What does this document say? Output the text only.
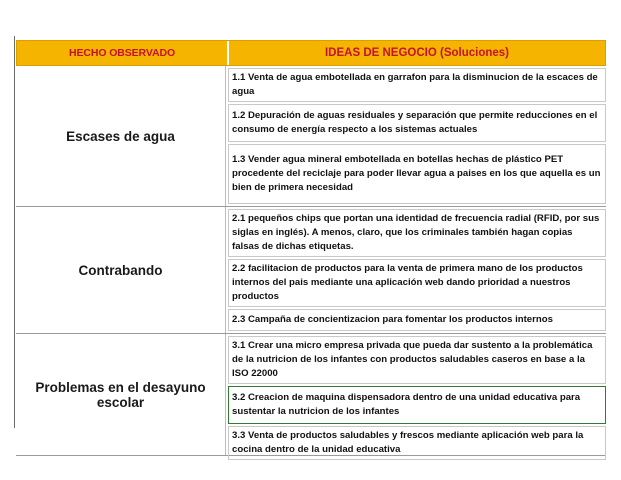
HECHO OBSERVADO	IDEAS DE NEGOCIO (Soluciones)
Escases de agua
1.1 Venta de agua embotellada en garrafon para la disminucion de la escaces de agua
1.2 Depuración de aguas residuales y separación que permite reducciones en el consumo de energía respecto a los sistemas actuales
1.3 Vender agua mineral embotellada en botellas hechas de plástico PET procedente del reciclaje para poder llevar agua a paises en los que aquella es un bien de primera necesidad
Contrabando
2.1 pequeños chips que portan una identidad de frecuencia radial (RFID, por sus siglas en inglés). A menos, claro, que los criminales también hagan copias falsas de dichas etiquetas.
2.2 facilitacion de productos para la venta de primera mano de los productos internos del pais mediante una aplicación web dando prioridad a nuestros productos
2.3 Campaña de concientizacion para fomentar los productos internos
Problemas en el desayuno escolar
3.1 Crear una micro empresa privada que pueda dar sustento a la problemática de la nutricion de los infantes con productos saludables caseros en base a la ISO 22000
3.2 Creacion de maquina dispensadora dentro de una unidad educativa para sustentar la nutricion de los infantes
3.3 Venta de productos saludables y frescos mediante aplicación web para la cocina dentro de la unidad educativa
